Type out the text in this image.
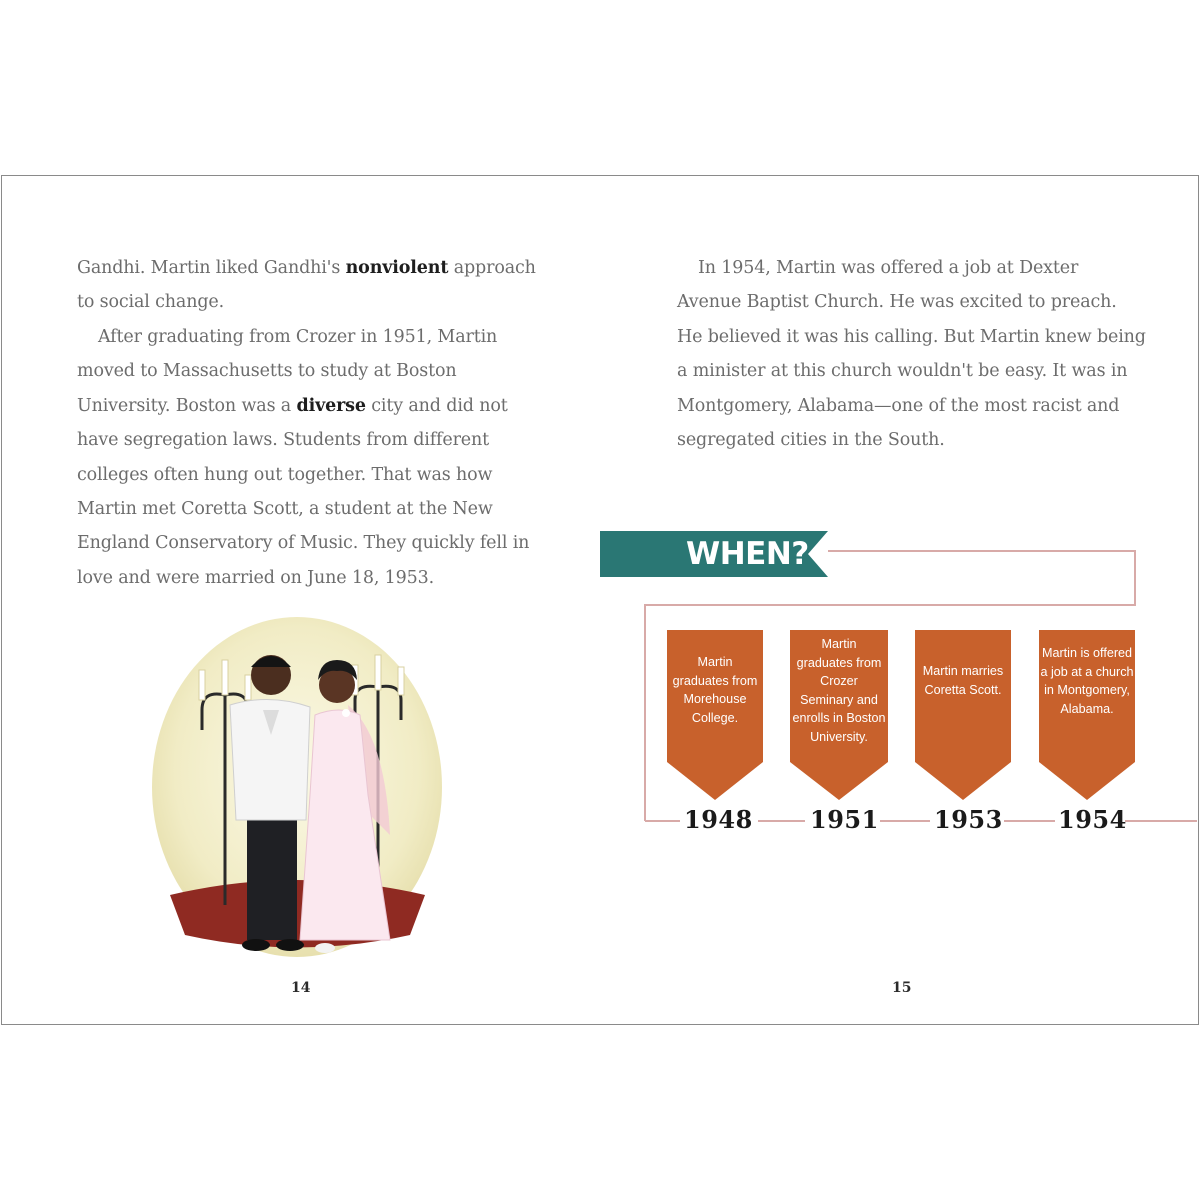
Gandhi. Martin liked Gandhi's nonviolent approach to social change.

After graduating from Crozer in 1951, Martin moved to Massachusetts to study at Boston University. Boston was a diverse city and did not have segregation laws. Students from different colleges often hung out together. That was how Martin met Coretta Scott, a student at the New England Conservatory of Music. They quickly fell in love and were married on June 18, 1953.

14

In 1954, Martin was offered a job at Dexter Avenue Baptist Church. He was excited to preach. He believed it was his calling. But Martin knew being a minister at this church wouldn't be easy. It was in Montgomery, Alabama—one of the most racist and segregated cities in the South.

WHEN?
Martin graduates from Morehouse College.
Martin graduates from Crozer Seminary and enrolls in Boston University.
Martin marries Coretta Scott.
Martin is offered a job at a church in Montgomery, Alabama.
1948 1951 1953 1954
15
